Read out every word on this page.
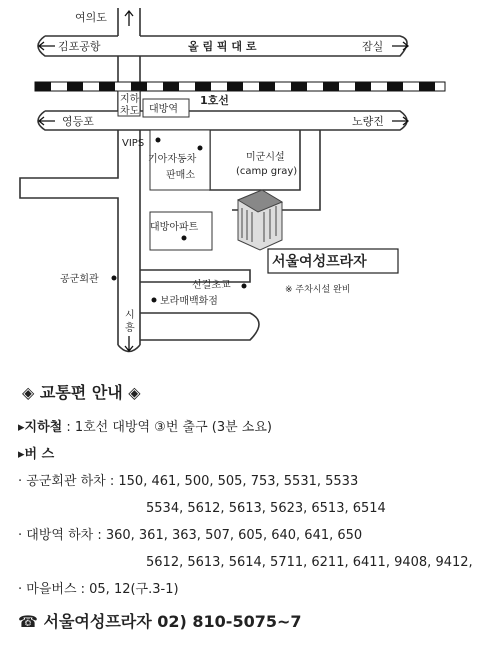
여의도
김포공항	올 림 픽 대 로	잠실
지하
차도 대방역
1호선
영등포	노량진
VIPS
기아자동차
판매소
미군시설
(camp gray)
대방아파트
서울여성프라자
※ 주차시설 완비
공군회관
신길초교
보라매백화점
시
흥
◈ 교통편 안내 ◈
▸지하철 : 1호선 대방역 ③번 출구 (3분 소요)
▸버 스
· 공군회관 하차 : 150, 461, 500, 505, 753, 5531, 5533
5534, 5612, 5613, 5623, 6513, 6514
· 대방역 하차 : 360, 361, 363, 507, 605, 640, 641, 650
5612, 5613, 5614, 5711, 6211, 6411, 9408, 9412,
· 마을버스 : 05, 12(구.3-1)
☎ 서울여성프라자 02) 810-5075~7
